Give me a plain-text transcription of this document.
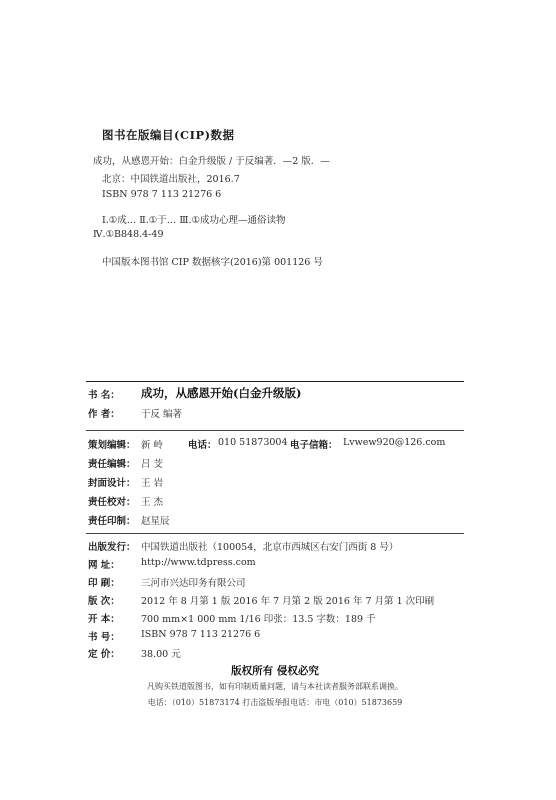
图书在版编目(CIP)数据
成功，从感恩开始：白金升级版 / 于反编著．—2 版．—
北京：中国铁道出版社，2016.7
ISBN 978 7 113 21276 6
Ⅰ.①成… Ⅱ.①于… Ⅲ.①成功心理—通俗读物
Ⅳ.①B848.4-49
中国版本图书馆 CIP 数据核字(2016)第 001126 号
书 名： 成功，从感恩开始(白金升级版)
作 者： 于反 编著
策划编辑： 新 岭	电话： 010 51873004 电子信箱： Lvwew920@126.com
责任编辑： 吕 芠
封面设计： 王 岩
责任校对： 王 杰
责任印制： 赵星辰
出版发行： 中国铁道出版社（100054，北京市西城区右安门西街 8 号）
网 址： http://www.tdpress.com
印 刷： 三河市兴达印务有限公司
版 次： 2012 年 8 月第 1 版 2016 年 7 月第 2 版 2016 年 7 月第 1 次印刷
开 本： 700 mm×1 000 mm 1/16 印张：13.5 字数：189 千
书 号： ISBN 978 7 113 21276 6
定 价： 38.00 元
版权所有 侵权必究
凡购买铁道版图书，如有印制质量问题，请与本社读者服务部联系调换。
电话：（010）51873174 打击盗版举报电话：市电（010）51873659
